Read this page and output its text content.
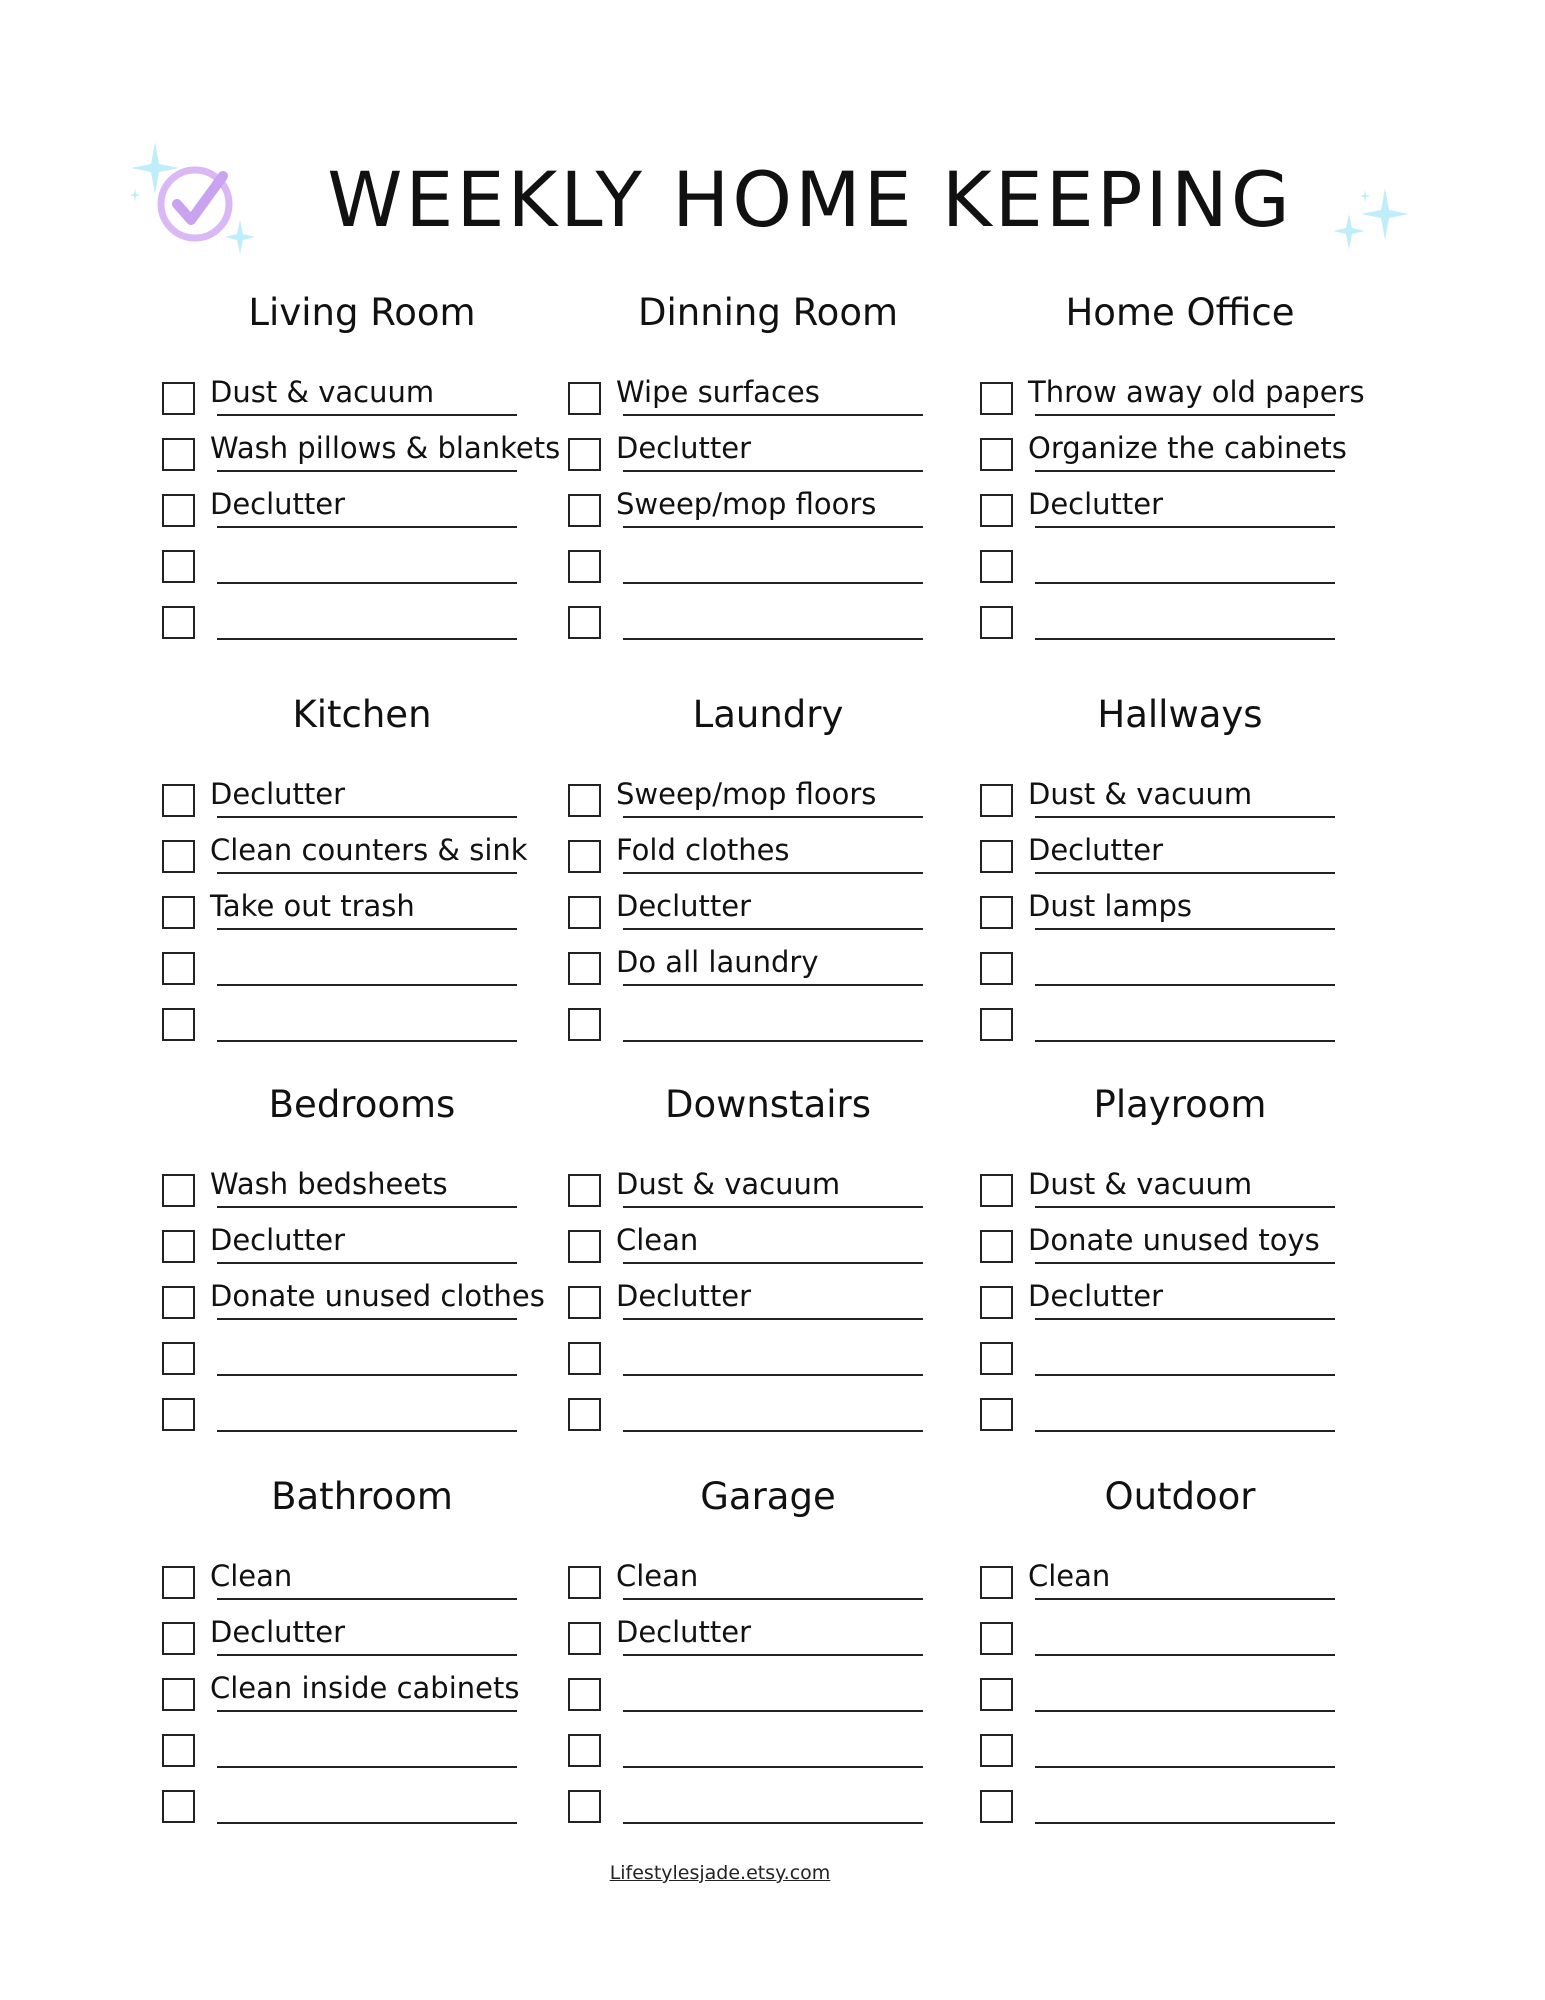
WEEKLY HOME KEEPING
Living Room
Dust & vacuum
Wash pillows & blankets
Declutter
Dinning Room
Wipe surfaces
Declutter
Sweep/mop floors
Home Office
Throw away old papers
Organize the cabinets
Declutter
Kitchen
Declutter
Clean counters & sink
Take out trash
Laundry
Sweep/mop floors
Fold clothes
Declutter
Do all laundry
Hallways
Dust & vacuum
Declutter
Dust lamps
Bedrooms
Wash bedsheets
Declutter
Donate unused clothes
Downstairs
Dust & vacuum
Clean
Declutter
Playroom
Dust & vacuum
Donate unused toys
Declutter
Bathroom
Clean
Declutter
Clean inside cabinets
Garage
Clean
Declutter
Outdoor
Clean
Lifestylesjade.etsy.com
